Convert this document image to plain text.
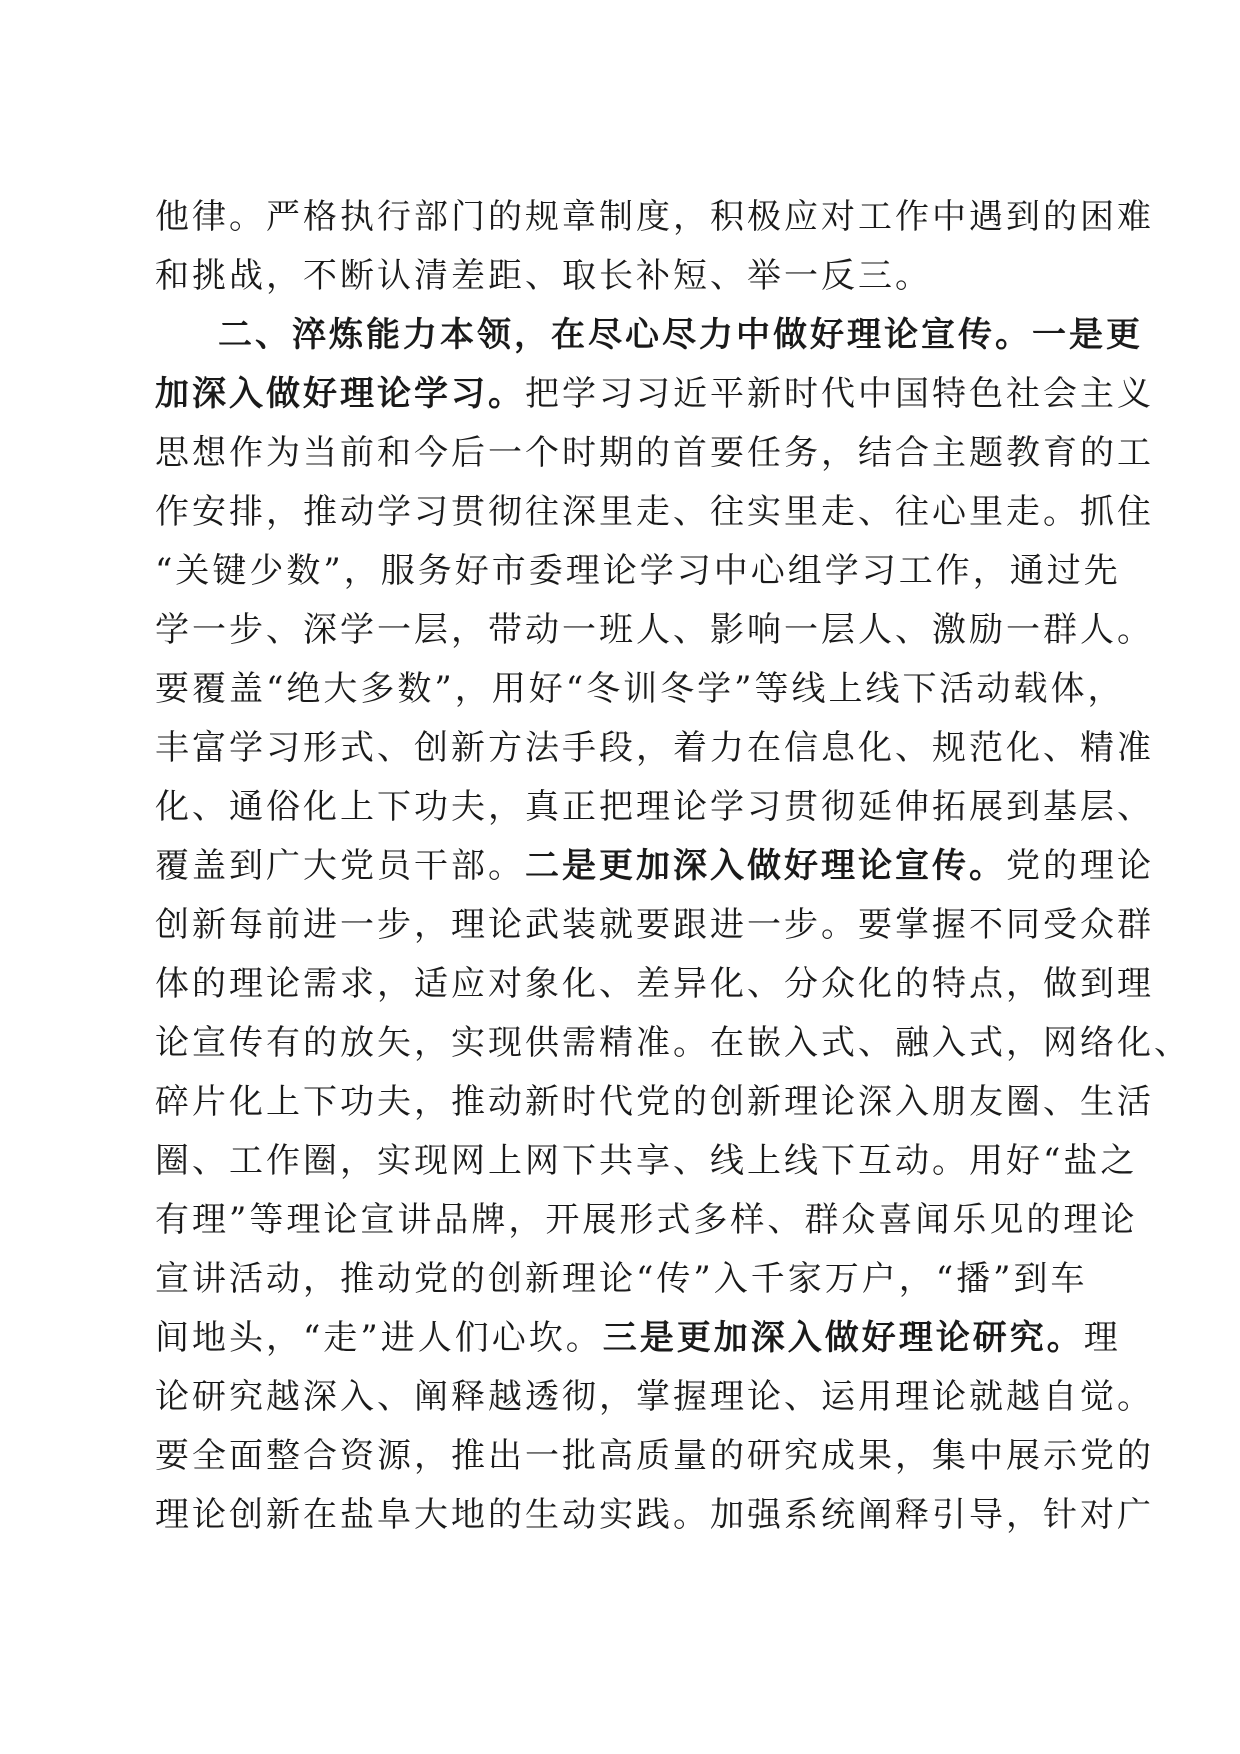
他律。严格执行部门的规章制度，积极应对工作中遇到的困难
和挑战，不断认清差距、取长补短、举一反三。
二、淬炼能力本领，在尽心尽力中做好理论宣传。一是更
加深入做好理论学习。把学习习近平新时代中国特色社会主义
思想作为当前和今后一个时期的首要任务，结合主题教育的工
作安排，推动学习贯彻往深里走、往实里走、往心里走。抓住
“关键少数”，服务好市委理论学习中心组学习工作，通过先
学一步、深学一层，带动一班人、影响一层人、激励一群人。
要覆盖“绝大多数”，用好“冬训冬学”等线上线下活动载体，
丰富学习形式、创新方法手段，着力在信息化、规范化、精准
化、通俗化上下功夫，真正把理论学习贯彻延伸拓展到基层、
覆盖到广大党员干部。二是更加深入做好理论宣传。党的理论
创新每前进一步，理论武装就要跟进一步。要掌握不同受众群
体的理论需求，适应对象化、差异化、分众化的特点，做到理
论宣传有的放矢，实现供需精准。在嵌入式、融入式，网络化、
碎片化上下功夫，推动新时代党的创新理论深入朋友圈、生活
圈、工作圈，实现网上网下共享、线上线下互动。用好“盐之
有理”等理论宣讲品牌，开展形式多样、群众喜闻乐见的理论
宣讲活动，推动党的创新理论“传”入千家万户，“播”到车
间地头，“走”进人们心坎。三是更加深入做好理论研究。理
论研究越深入、阐释越透彻，掌握理论、运用理论就越自觉。
要全面整合资源，推出一批高质量的研究成果，集中展示党的
理论创新在盐阜大地的生动实践。加强系统阐释引导，针对广
